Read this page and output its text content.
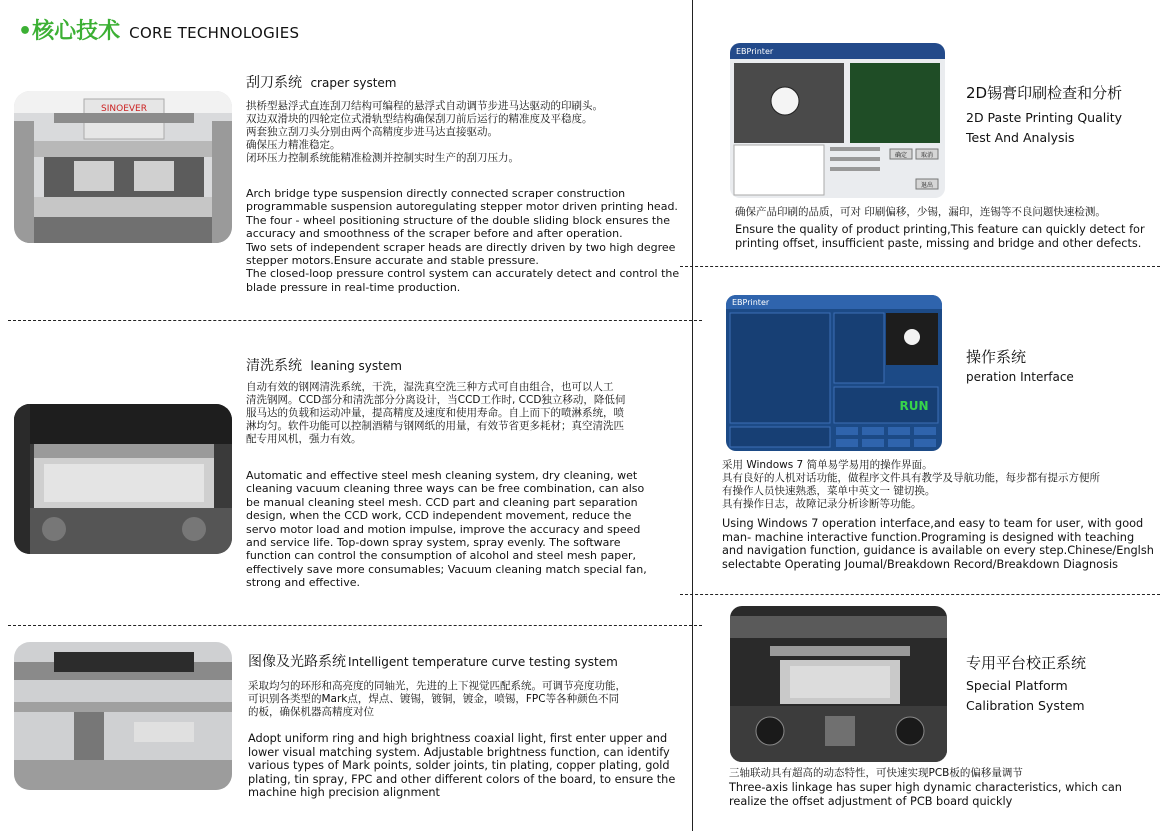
•核心技术 CORE TECHNOLOGIES
SINOEVER
刮刀系统 craper system
拱桥型悬浮式直连刮刀结构可编程的悬浮式自动调节步进马达驱动的印刷头。
双边双滑块的四轮定位式滑轨型结构确保刮刀前后运行的精准度及平稳度。
两套独立刮刀头分别由两个高精度步进马达直接驱动。
确保压力精准稳定。
闭环压力控制系统能精准检测并控制实时生产的刮刀压力。
Arch bridge type suspension directly connected scraper construction
programmable suspension autoregulating stepper motor driven printing head.
The four - wheel positioning structure of the double sliding block ensures the
accuracy and smoothness of the scraper before and after operation.
Two sets of independent scraper heads are directly driven by two high degree
stepper motors.Ensure accurate and stable pressure.
The closed-loop pressure control system can accurately detect and control the
blade pressure in real-time production.
清洗系统 leaning system
自动有效的钢网清洗系统，干洗，湿洗真空洗三种方式可自由组合，也可以人工
清洗钢网。CCD部分和清洗部分分离设计，当CCD工作时, CCD独立移动，降低伺
服马达的负载和运动冲量，提高精度及速度和使用寿命。自上而下的喷淋系统，喷
淋均匀。软件功能可以控制酒精与钢网纸的用量，有效节省更多耗材；真空清洗匹
配专用风机，强力有效。
Automatic and effective steel mesh cleaning system, dry cleaning, wet
cleaning vacuum cleaning three ways can be free combination, can also
be manual cleaning steel mesh. CCD part and cleaning part separation
design, when the CCD work, CCD independent movement, reduce the
servo motor load and motion impulse, improve the accuracy and speed
and service life. Top-down spray system, spray evenly. The software
function can control the consumption of alcohol and steel mesh paper,
effectively save more consumables; Vacuum cleaning match special fan,
strong and effective.
图像及光路系统 Intelligent temperature curve testing system
采取均匀的环形和高亮度的同轴光，先进的上下视觉匹配系统。可调节亮度功能，
可识别各类型的Mark点，焊点、镀锡，镀铜，镀金，喷锡，FPC等各种颜色不同
的板，确保机器高精度对位
Adopt uniform ring and high brightness coaxial light, first enter upper and
lower visual matching system. Adjustable brightness function, can identify
various types of Mark points, solder joints, tin plating, copper plating, gold
plating, tin spray, FPC and other different colors of the board, to ensure the
machine high precision alignment
EBPrinter
确定 取消
退出
2D锡膏印刷检查和分析
2D Paste Printing Quality
Test And Analysis
确保产品印刷的品质，可对 印刷偏移，少锡，漏印，连锡等不良问题快速检测。
Ensure the quality of product printing,This feature can quickly detect for
printing offset, insufficient paste, missing and bridge and other defects.
EBPrinter
RUN
操作系统
peration Interface
采用 Windows 7 简单易学易用的操作界面。
具有良好的人机对话功能，做程序文件具有教学及导航功能，每步都有提示方便所
有操作人员快速熟悉，菜单中英文一 键切换。
具有操作日志，故障记录分析诊断等功能。
Using Windows 7 operation interface,and easy to team for user, with good
man- machine interactive function.Programing is designed with teaching
and navigation function, guidance is available on every step.Chinese/Englsh
selectabte Operating Joumal/Breakdown Record/Breakdown Diagnosis
专用平台校正系统
Special Platform
Calibration System
三轴联动具有超高的动态特性，可快速实现PCB板的偏移量调节
Three-axis linkage has super high dynamic characteristics, which can
realize the offset adjustment of PCB board quickly
